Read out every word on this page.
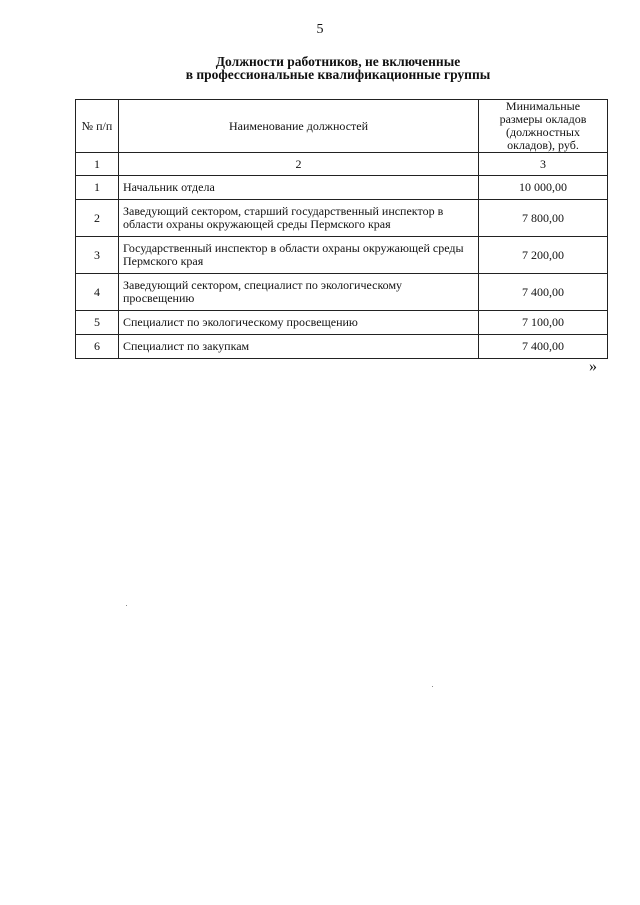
5
Должности работников, не включенные
в профессиональные квалификационные группы
№ п/п	Наименование должностей	Минимальные размеры окладов (должностных окладов), руб.
1	2	3
1	Начальник отдела	10 000,00
2	Заведующий сектором, старший государственный инспектор в области охраны окружающей среды Пермского края	7 800,00
3	Государственный инспектор в области охраны окружающей среды Пермского края	7 200,00
4	Заведующий сектором, специалист по экологическому просвещению	7 400,00
5	Специалист по экологическому просвещению	7 100,00
6	Специалист по закупкам	7 400,00
»
